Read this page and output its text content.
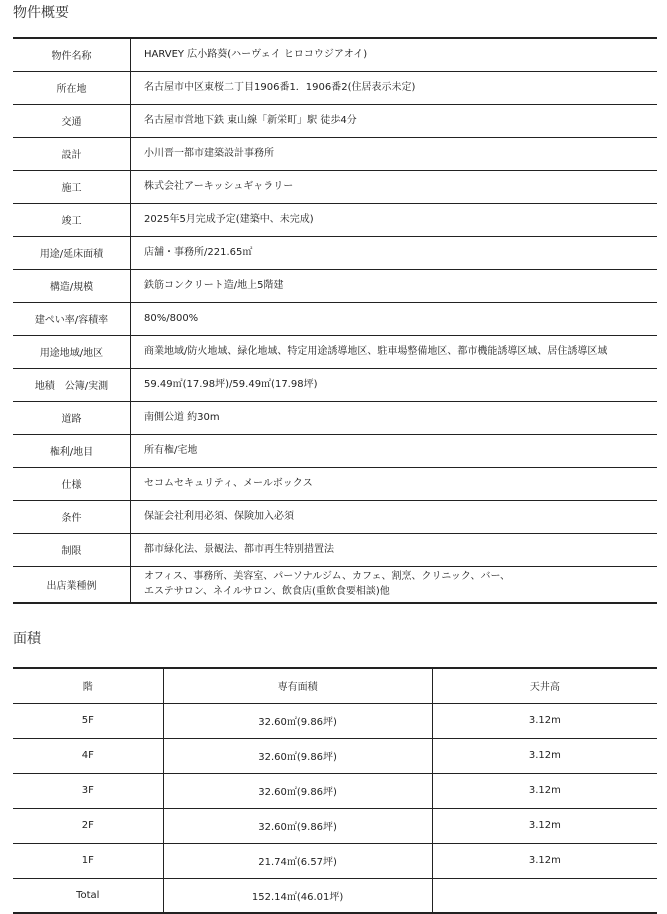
物件概要
物件名称	HARVEY 広小路葵(ハーヴェイ ヒロコウジアオイ)
所在地	名古屋市中区東桜二丁目1906番1．1906番2(住居表示未定)
交通	名古屋市営地下鉄 東山線「新栄町」駅 徒歩4分
設計	小川晋一都市建築設計事務所
施工	株式会社アーキッシュギャラリー
竣工	2025年5月完成予定(建築中、未完成)
用途/延床面積	店舗・事務所/221.65㎡
構造/規模	鉄筋コンクリート造/地上5階建
建ぺい率/容積率	80%/800%
用途地域/地区	商業地域/防火地域、緑化地域、特定用途誘導地区、駐車場整備地区、都市機能誘導区域、居住誘導区域
地積　公簿/実測	59.49㎡(17.98坪)/59.49㎡(17.98坪)
道路	南側公道 約30m
権利/地目	所有権/宅地
仕様	セコムセキュリティ、メールボックス
条件	保証会社利用必須、保険加入必須
制限	都市緑化法、景観法、都市再生特別措置法
出店業種例	オフィス、事務所、美容室、パーソナルジム、カフェ、割烹、クリニック、バー、
エステサロン、ネイルサロン、飲食店(重飲食要相談)他
面積
階	専有面積	天井高
5F	32.60㎡(9.86坪)	3.12m
4F	32.60㎡(9.86坪)	3.12m
3F	32.60㎡(9.86坪)	3.12m
2F	32.60㎡(9.86坪)	3.12m
1F	21.74㎡(6.57坪)	3.12m
Total	152.14㎡(46.01坪)	
